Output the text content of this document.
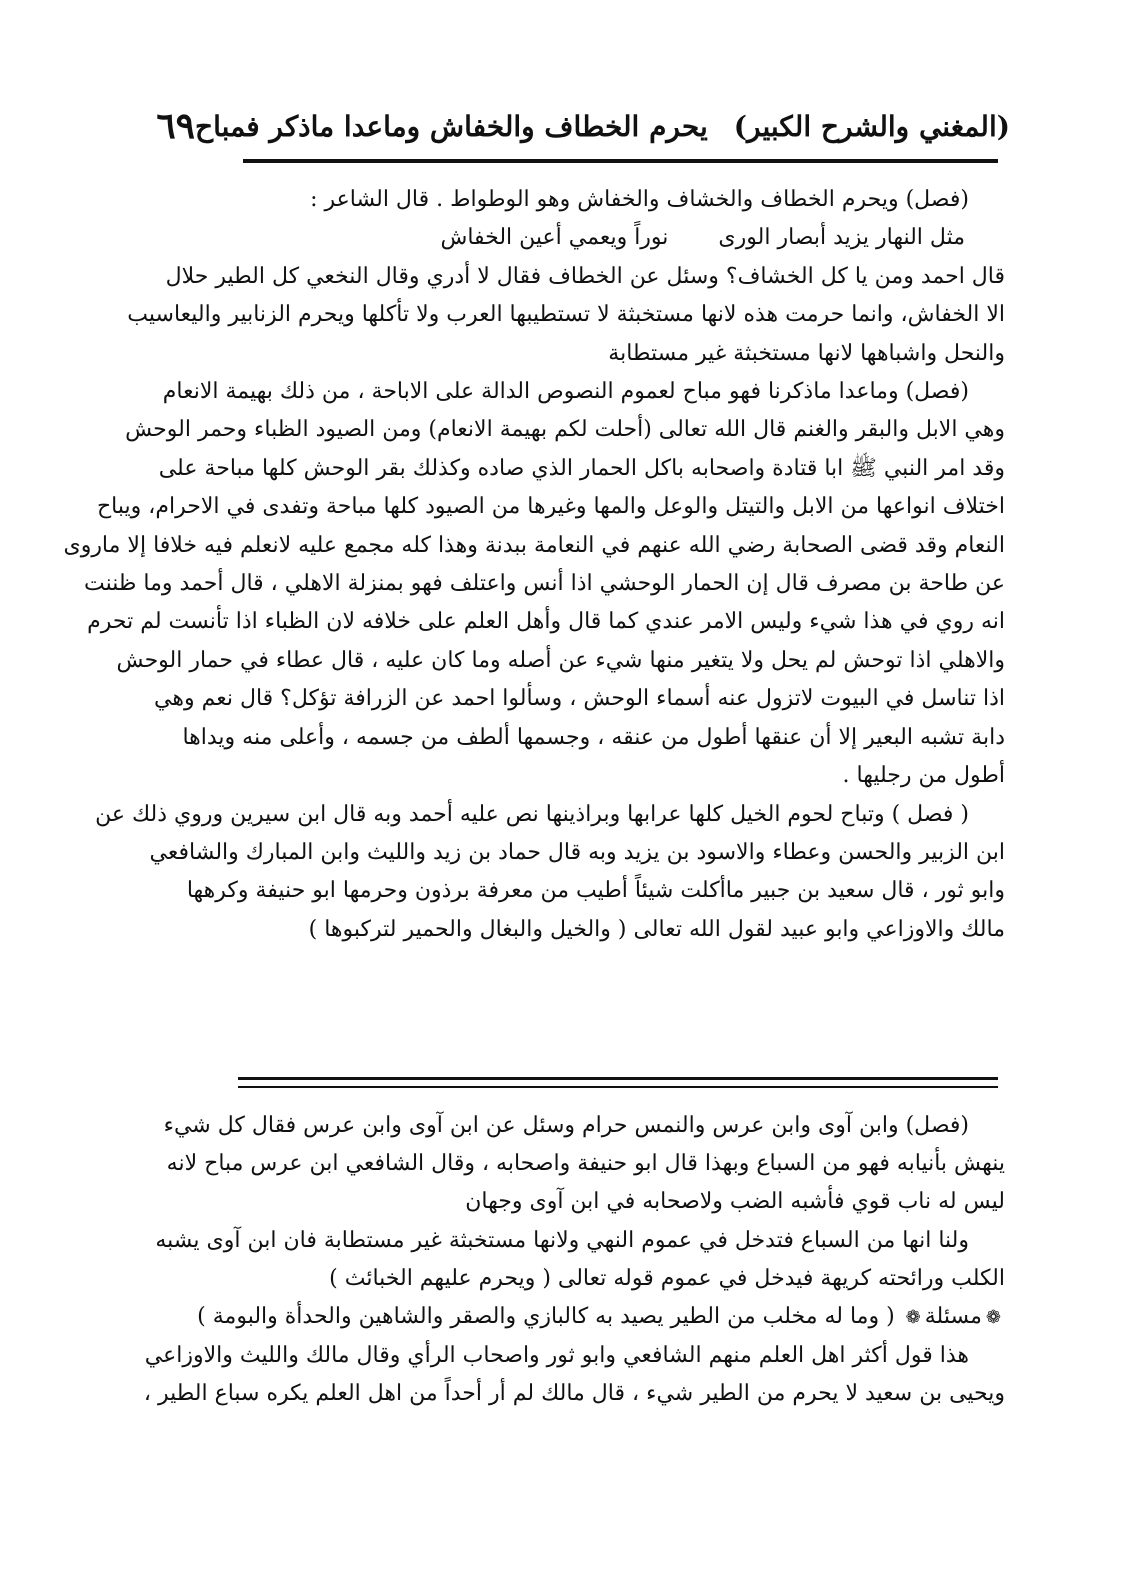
(المغني والشرح الكبير)
يحرم الخطاف والخفاش وماعدا ماذكر فمباح
٦٩
(فصل) ويحرم الخطاف والخشاف والخفاش وهو الوطواط . قال الشاعر :
مثل النهار يزيد أبصار الورى
نوراً ويعمي أعين الخفاش
قال احمد ومن يا كل الخشاف؟ وسئل عن الخطاف فقال لا أدري وقال النخعي كل الطير حلال
الا الخفاش، وانما حرمت هذه لانها مستخبثة لا تستطيبها العرب ولا تأكلها ويحرم الزنابير واليعاسيب
والنحل واشباهها لانها مستخبثة غير مستطابة
(فصل) وماعدا ماذكرنا فهو مباح لعموم النصوص الدالة على الاباحة ، من ذلك بهيمة الانعام
وهي الابل والبقر والغنم قال الله تعالى (أحلت لكم بهيمة الانعام) ومن الصيود الظباء وحمر الوحش
وقد امر النبي ﷺ ابا قتادة واصحابه باكل الحمار الذي صاده وكذلك بقر الوحش كلها مباحة على
اختلاف انواعها من الابل والتيتل والوعل والمها وغيرها من الصيود كلها مباحة وتفدى في الاحرام، ويباح
النعام وقد قضى الصحابة رضي الله عنهم في النعامة ببدنة وهذا كله مجمع عليه لانعلم فيه خلافا إلا ماروى
عن طاحة بن مصرف قال إن الحمار الوحشي اذا أنس واعتلف فهو بمنزلة الاهلي ، قال أحمد وما ظننت
انه روي في هذا شيء وليس الامر عندي كما قال وأهل العلم على خلافه لان الظباء اذا تأنست لم تحرم
والاهلي اذا توحش لم يحل ولا يتغير منها شيء عن أصله وما كان عليه ، قال عطاء في حمار الوحش
اذا تناسل في البيوت لاتزول عنه أسماء الوحش ، وسألوا احمد عن الزرافة تؤكل؟ قال نعم وهي
دابة تشبه البعير إلا أن عنقها أطول من عنقه ، وجسمها ألطف من جسمه ، وأعلى منه ويداها
أطول من رجليها .
( فصل ) وتباح لحوم الخيل كلها عرابها وبراذينها نص عليه أحمد وبه قال ابن سيرين وروي ذلك عن
ابن الزبير والحسن وعطاء والاسود بن يزيد وبه قال حماد بن زيد والليث وابن المبارك والشافعي
وابو ثور ، قال سعيد بن جبير ماأكلت شيئاً أطيب من معرفة برذون وحرمها ابو حنيفة وكرهها
مالك والاوزاعي وابو عبيد لقول الله تعالى ( والخيل والبغال والحمير لتركبوها )
(فصل) وابن آوى وابن عرس والنمس حرام وسئل عن ابن آوى وابن عرس فقال كل شيء
ينهش بأنيابه فهو من السباع وبهذا قال ابو حنيفة واصحابه ، وقال الشافعي ابن عرس مباح لانه
ليس له ناب قوي فأشبه الضب ولاصحابه في ابن آوى وجهان
ولنا انها من السباع فتدخل في عموم النهي ولانها مستخبثة غير مستطابة فان ابن آوى يشبه
الكلب ورائحته كريهة فيدخل في عموم قوله تعالى ( ويحرم عليهم الخبائث )
❁مسئلة❁ ( وما له مخلب من الطير يصيد به كالبازي والصقر والشاهين والحدأة والبومة )
هذا قول أكثر اهل العلم منهم الشافعي وابو ثور واصحاب الرأي وقال مالك والليث والاوزاعي
ويحيى بن سعيد لا يحرم من الطير شيء ، قال مالك لم أر أحداً من اهل العلم يكره سباع الطير ،
